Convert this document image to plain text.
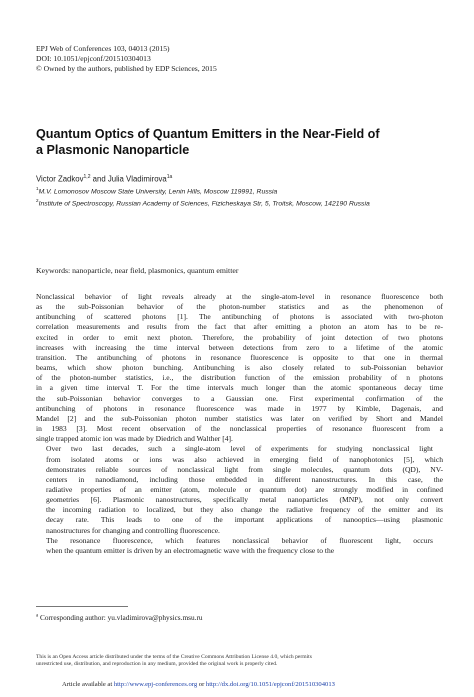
EPJ Web of Conferences 103, 04013 (2015)
DOI: 10.1051/epjconf/201510304013
© Owned by the authors, published by EDP Sciences, 2015
Quantum Optics of Quantum Emitters in the Near-Field of
a Plasmonic Nanoparticle
Victor Zadkov$^{1,2}$ and Julia Vladimirova$^{1a}$
$^1$M.V. Lomonosov Moscow State University, Lenin Hills, Moscow 119991, Russia
$^2$Institute of Spectroscopy, Russian Academy of Sciences, Fizicheskaya Str, 5, Troitsk, Moscow, 142190 Russia
Keywords: nanoparticle, near field, plasmonics, quantum emitter

Nonclassical behavior of light reveals already at the single-atom-level in resonance fluorescence both
as the sub-Poissonian behavior of the photon-number statistics and as the phenomenon of
antibunching of scattered photons [1]. The antibunching of photons is associated with two-photon
correlation measurements and results from the fact that after emitting a photon an atom has to be re-
excited in order to emit next photon. Therefore, the probability of joint detection of two photons
increases with increasing the time interval between detections from zero to a lifetime of the atomic
transition. The antibunching of photons in resonance fluorescence is opposite to that one in thermal
beams, which show photon bunching. Antibunching is also closely related to sub-Poissonian behavior
of the photon-number statistics, i.e., the distribution function of the emission probability of n photons
in a given time interval T. For the time intervals much longer than the atomic spontaneous decay time
the sub-Poissonian behavior converges to a Gaussian one. First experimental confirmation of the
antibunching of photons in resonance fluorescence was made in 1977 by Kimble, Dagenais, and
Mandel [2] and the sub-Poissonian photon number statistics was later on verified by Short and Mandel
in 1983 [3]. Most recent observation of the nonclassical properties of resonance fluorescent from a
single trapped atomic ion was made by Diedrich and Walther [4].

Over two last decades, such a single-atom level of experiments for studying nonclassical light
from isolated atoms or ions was also achieved in emerging field of nanophotonics [5], which
demonstrates reliable sources of nonclassical light from single molecules, quantum dots (QD), NV-
centers in nanodiamond, including those embedded in different nanostructures. In this case, the
radiative properties of an emitter (atom, molecule or quantum dot) are strongly modified in confined
geometries [6]. Plasmonic nanostructures, specifically metal nanoparticles (MNP), not only convert
the incoming radiation to localized, but they also change the radiative frequency of the emitter and its
decay rate. This leads to one of the important applications of nanooptics—using plasmonic
nanostructures for changing and controlling fluorescence.

The resonance fluorescence, which features nonclassical behavior of fluorescent light, occurs
when the quantum emitter is driven by an electromagnetic wave with the frequency close to the

$^a$ Corresponding author: yu.vladimirova@physics.msu.ru
This is an Open Access article distributed under the terms of the Creative Commons Attribution License 4.0, which permits
unrestricted use, distribution, and reproduction in any medium, provided the original work is properly cited.
Article available at http://www.epj-conferences.org or http://dx.doi.org/10.1051/epjconf/20151030401З
